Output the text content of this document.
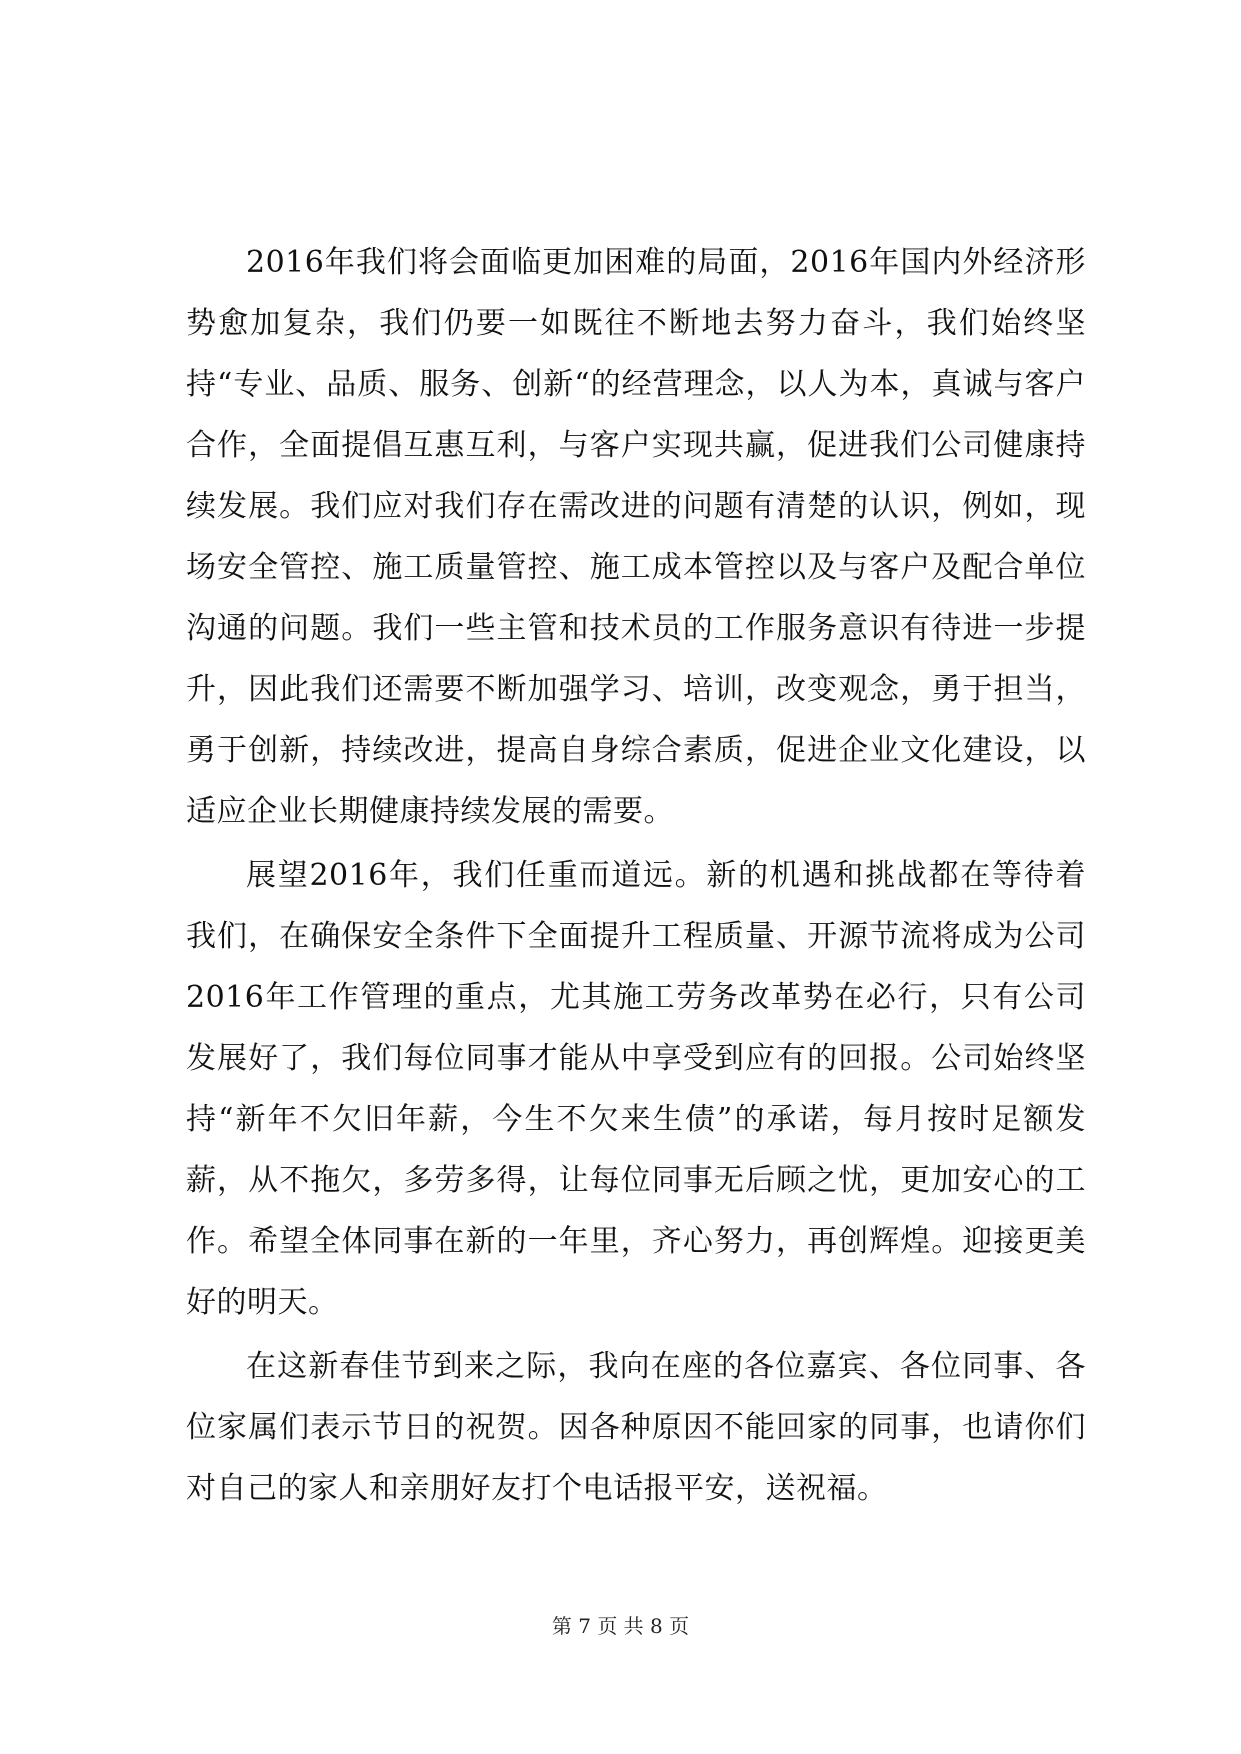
2016年我们将会面临更加困难的局面，2016年国内外经济形势愈加复杂，我们仍要一如既往不断地去努力奋斗，我们始终坚持“专业、品质、服务、创新“的经营理念，以人为本，真诚与客户合作，全面提倡互惠互利，与客户实现共赢，促进我们公司健康持续发展。我们应对我们存在需改进的问题有清楚的认识，例如，现场安全管控、施工质量管控、施工成本管控以及与客户及配合单位沟通的问题。我们一些主管和技术员的工作服务意识有待进一步提升，因此我们还需要不断加强学习、培训，改变观念，勇于担当，勇于创新，持续改进，提高自身综合素质，促进企业文化建设，以适应企业长期健康持续发展的需要。

展望2016年，我们任重而道远。新的机遇和挑战都在等待着我们，在确保安全条件下全面提升工程质量、开源节流将成为公司2016年工作管理的重点，尤其施工劳务改革势在必行，只有公司发展好了，我们每位同事才能从中享受到应有的回报。公司始终坚持“新年不欠旧年薪，今生不欠来生债”的承诺，每月按时足额发薪，从不拖欠，多劳多得，让每位同事无后顾之忧，更加安心的工作。希望全体同事在新的一年里，齐心努力，再创辉煌。迎接更美好的明天。

在这新春佳节到来之际，我向在座的各位嘉宾、各位同事、各位家属们表示节日的祝贺。因各种原因不能回家的同事，也请你们对自己的家人和亲朋好友打个电话报平安，送祝福。

第 7 页 共 8 页
